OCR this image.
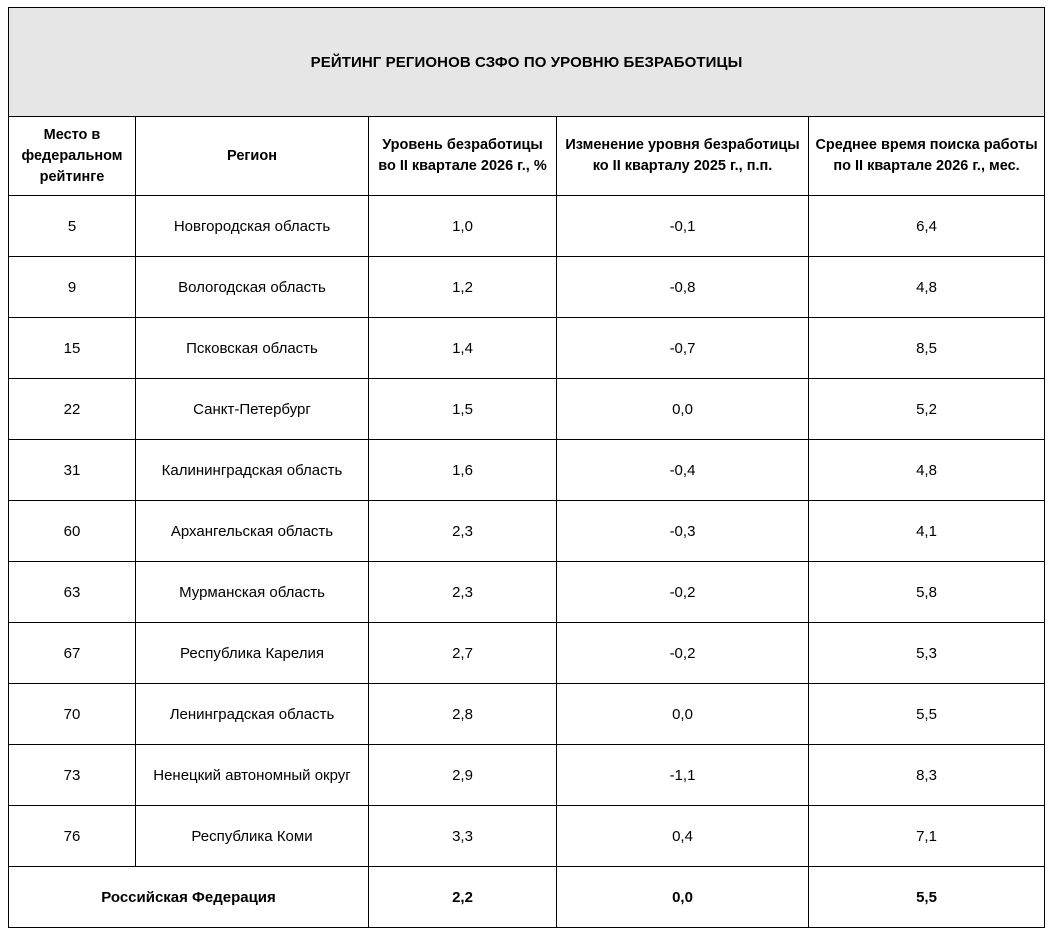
РЕЙТИНГ РЕГИОНОВ СЗФО ПО УРОВНЮ БЕЗРАБОТИЦЫ				
Место в федеральном рейтинге	Регион	Уровень безработицы во II квартале 2026 г., %	Изменение уровня безработицы ко II кварталу 2025 г., п.п.	Среднее время поиска работы по II квартале 2026 г., мес.
5	Новгородская область	1,0	-0,1	6,4
9	Вологодская область	1,2	-0,8	4,8
15	Псковская область	1,4	-0,7	8,5
22	Санкт-Петербург	1,5	0,0	5,2
31	Калининградская область	1,6	-0,4	4,8
60	Архангельская область	2,3	-0,3	4,1
63	Мурманская область	2,3	-0,2	5,8
67	Республика Карелия	2,7	-0,2	5,3
70	Ленинградская область	2,8	0,0	5,5
73	Ненецкий автономный округ	2,9	-1,1	8,3
76	Республика Коми	3,3	0,4	7,1
Российская Федерация		2,2	0,0	5,5
